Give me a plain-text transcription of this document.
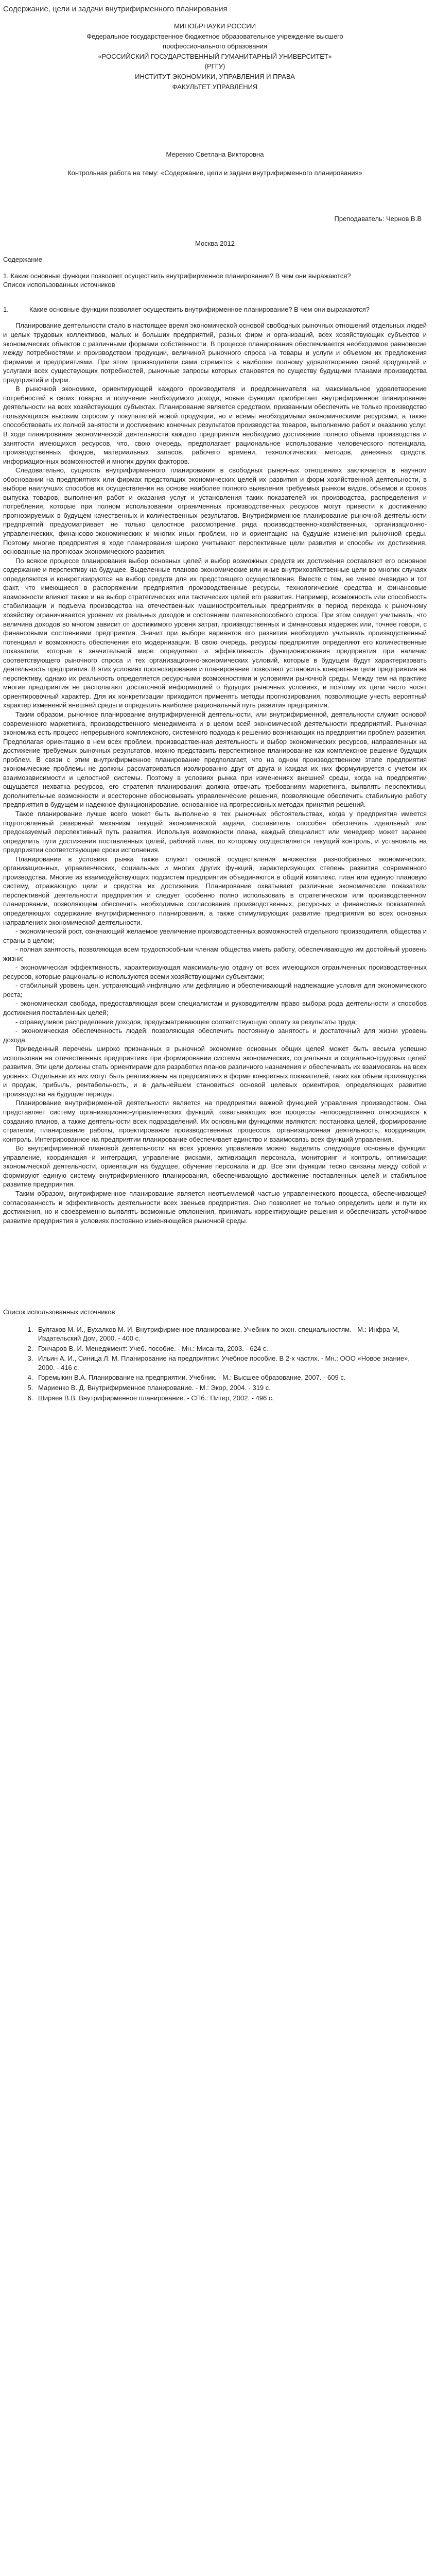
Содержание, цели и задачи внутрифирменного планирования
МИНОБРНАУКИ РОССИИ
Федеральное государственное бюджетное образовательное учреждение высшего
профессионального образования
«РОССИЙСКИЙ ГОСУДАРСТВЕННЫЙ ГУМАНИТАРНЫЙ УНИВЕРСИТЕТ»
(РГГУ)
ИНСТИТУТ ЭКОНОМИКИ, УПРАВЛЕНИЯ И ПРАВА
ФАКУЛЬТЕТ УПРАВЛЕНИЯ
Мережко Светлана Викторовна
Контрольная работа на тему: «Содержание, цели и задачи внутрифирменного планирования»
Преподаватель: Чернов В.В
Москва 2012
Содержание

1. Какие основные функции позволяет осуществить внутрифирменное планирование? В чем они выражаются?

Список использованных источников

1.	Какие основные функции позволяет осуществить внутрифирменное планирование? В чем они выражаются?

Планирование деятельности стало в настоящее время экономической основой свободных рыночных отношений отдельных людей и целых трудовых коллективов, малых и больших предприятий, разных фирм и организаций, всех хозяйствующих субъектов и экономических объектов с различными формами собственности. В процессе планирования обеспечивается необходимое равновесие между потребностями и производством продукции, величиной рыночного спроса на товары и услуги и объемом их предложения фирмами и предприятиями. При этом производители сами стремятся к наиболее полному удовлетворению своей продукцией и услугами всех существующих потребностей, рыночные запросы которых становятся по существу будущими планами производства предприятий и фирм.

В рыночной экономике, ориентирующей каждого производителя и предпринимателя на максимальное удовлетворение потребностей в своих товарах и получение необходимого дохода, новые функции приобретает внутрифирменное планирование деятельности на всех хозяйствующих субъектах. Планирование является средством, призванным обеспечить не только производство пользующихся высоким спросом у покупателей новой продукции, но и всемы необходимыми экономическими ресурсами, а также способствовать их полной занятости и достижению конечных результатов производства товаров, выполнению работ и оказанию услуг. В ходе планирования экономической деятельности каждого предприятия необходимо достижение полного объема производства и занятости имеющихся ресурсов, что, свою очередь, предполагает рациональное использование человеческого потенциала, производственных фондов, материальных запасов, рабочего времени, технологических методов, денежных средств, информационных возможностей и многих других факторов.

Следовательно, сущность внутрифирменного планирования в свободных рыночных отношениях заключается в научном обосновании на предприятиях или фирмах предстоящих экономических целей их развития и форм хозяйственной деятельности, в выборе наилучших способов их осуществления на основе наиболее полного выявления требуемых рынком видов, объемов и сроков выпуска товаров, выполнения работ и оказания услуг и установления таких показателей их производства, распределения и потребления, которые при полном использовании ограниченных производственных ресурсов могут привести к достижению прогнозируемых в будущем качественных и количественных результатов. Внутрифирменное планирование рыночной деятельности предприятий предусматривает не только целостное рассмотрение ряда производственно-хозяйственных, организационно-управленческих, финансово-экономических и многих иных проблем, но и ориентацию на будущие изменения рыночной среды. Поэтому многие предприятия в ходе планирования широко учитывают перспективные цели развития и способы их достижения, основанные на прогнозах экономического развития.

По всякое процессе планирования выбор основных целей и выбор возможных средств их достижения составляют его основное содержание и перспективу на будущее. Выделенные планово-экономические или иные внутрихозяйственные цели во многих случаях определяются и конкретизируются на выбор средств для их предстоящего осуществления. Вместе с тем, не менее очевидно и тот факт, что имеющиеся в распоряжении предприятия производственные ресурсы, технологические средства и финансовые возможности влияют также и на выбор стратегических или тактических целей его развития. Например, возможность или способность стабилизации и подъема производства на отечественных машиностроительных предприятиях в период перехода к рыночному хозяйству ограничивается уровнем их реальных доходов и состоянием платежеспособного спроса. При этом следует учитывать, что величина доходов во многом зависит от достижимого уровня затрат, производственных и финансовых издержек или, точнее говоря, с финансовыми состояниями предприятия. Значит при выборе вариантов его развития необходимо учитывать производственный потенциал и возможность обеспечения его модернизации. В свою очередь, ресурсы предприятия определяют его количественные показатели, которые в значительной мере определяют и эффективность функционирования предприятия при наличии соответствующего рыночного спроса и тех организационно-экономических условий, которые в будущем будут характеризовать деятельность предприятия. В этих условиях прогнозирование и планирование позволяют установить конкретные цели предприятия на перспективу, однако их реальность определяется ресурсными возможностями и условиями рыночной среды. Между тем на практике многие предприятия не располагают достаточной информацией о будущих рыночных условиях, и поэтому их цели часто носят ориентировочный характер. Для их конкретизации приходится применять методы прогнозирования, позволяющие учесть вероятный характер изменений внешней среды и определить наиболее рациональный путь развития предприятия.

Таким образом, рыночное планирование внутрифирменной деятельности, или внутрифирменной, деятельности служит основой современного маркетинга, производственного менеджмента и в целом всей экономической деятельности предприятий. Рыночная экономика есть процесс непрерывного комплексного, системного подхода к решению возникающих на предприятии проблем развития. Предполагая ориентацию в нем всех проблем, производственная деятельность и выбор экономических ресурсов, направленных на достижение требуемых рыночных результатов, можно представить перспективное планирование как комплексное решение будущих проблем. В связи с этим внутрифирменное планирование предполагает, что на одном производственном этапе предприятия экономические проблемы не должны рассматриваться изолированно друг от друга и каждая их них формулируется с учетом их взаимозависимости и целостной системы. Поэтому в условиях рынка при изменениях внешней среды, когда на предприятии ощущается нехватка ресурсов, его стратегия планирования должна отвечать требованиям маркетинга, выявлять перспективы, дополнительные возможности и всесторонне обосновывать управленческие решения, позволяющие обеспечить стабильную работу предприятия в будущем и надежное функционирование, основанное на прогрессивных методах принятия решений.

Такое планирование лучше всего может быть выполнено в тех рыночных обстоятельствах, когда у предприятия имеется подготовленный резервный механизм текущей экономической задачи, составитель способен обеспечить идеальный или предсказуемый перспективный путь развития. Используя возможности плана, каждый специалист или менеджер может заранее определить пути достижения поставленных целей, рабочий план, по которому осуществляется текущий контроль, и установить на предприятии соответствующие сроки исполнения.

Планирование в условиях рынка также служит основой осуществления множества разнообразных экономических, организационных, управленческих, социальных и многих других функций, характеризующих степень развития современного производства. Многие из взаимодействующих подсистем предприятия объединяются в общий комплекс, план или единую плановую систему, отражающую цели и средства их достижения. Планирование охватывает различные экономические показатели перспективной деятельности предприятия и следует особенно полно использовать в стратегическом или производственном планировании, позволяющем обеспечить необходимые согласования производственных, ресурсных и финансовых показателей, определяющих содержание внутрифирменного планирования, а также стимулирующих развитие предприятия во всех основных направлениях экономической деятельности.

- экономический рост, означающий желаемое увеличение производственных возможностей отдельного производителя, общества и страны в целом;

- полная занятость, позволяющая всем трудоспособным членам общества иметь работу, обеспечивающую им достойный уровень жизни;

- экономическая эффективность, характеризующая максимальную отдачу от всех имеющихся ограниченных производственных ресурсов, которые рационально используются всеми хозяйствующими субъектами;

- стабильный уровень цен, устраняющий инфляцию или дефляцию и обеспечивающий надлежащие условия для экономического роста;

- экономическая свобода, предоставляющая всем специалистам и руководителям право выбора рода деятельности и способов достижения поставленных целей;

- справедливое распределение доходов, предусматривающее соответствующую оплату за результаты труда;

- экономическая обеспеченность людей, позволяющая обеспечить постоянную занятость и достаточный для жизни уровень дохода.

Приведенный перечень широко признанных в рыночной экономике основных общих целей может быть весьма успешно использован на отечественных предприятиях при формировании системы экономических, социальных и социально-трудовых целей развития. Эти цели должны стать ориентирами для разработки планов различного назначения и обеспечивать их взаимосвязь на всех уровнях. Отдельные из них могут быть реализованы на предприятиях в форме конкретных показателей, таких как объем производства и продаж, прибыль, рентабельность, и в дальнейшем становиться основой целевых ориентиров, определяющих развитие производства на будущие периоды.

Планирование внутрифирменной деятельности является на предприятии важной функцией управления производством. Она представляет систему организационно-управленческих функций, охватывающих все процессы непосредственно относящихся к созданию планов, а также деятельности всех подразделений. Их основными функциями являются: постановка целей, формирование стратегии, планирование работы, проектирование производственных процессов, организационная деятельность, координация, контроль. Интегрированное на предприятии планирование обеспечивает единство и взаимосвязь всех функций управления.

Во внутрифирменной плановой деятельности на всех уровнях управления можно выделить следующие основные функции: управление, координация и интеграция, управление рисками, активизация персонала, мониторинг и контроль, оптимизация экономической деятельности, ориентация на будущее, обучение персонала и др. Все эти функции тесно связаны между собой и формируют единую систему внутрифирменного планирования, обеспечивающую достижение поставленных целей и стабильное развитие предприятия.

Таким образом, внутрифирменное планирование является неотъемлемой частью управленческого процесса, обеспечивающей согласованность и эффективность деятельности всех звеньев предприятия. Оно позволяет не только определить цели и пути их достижения, но и своевременно выявлять возможные отклонения, принимать корректирующие решения и обеспечивать устойчивое развитие предприятия в условиях постоянно изменяющейся рыночной среды.

Список использованных источников
1. Булгаков М. И., Бухалков М. И. Внутрифирменное планирование. Учебник по экон. специальностям. - М.: Инфра-М, Издательский Дом, 2000. - 400 с.
2. Гончаров В. И. Менеджмент: Учеб. пособие. - Мн.: Мисанта, 2003. - 624 с.
3. Ильин А. И., Синица Л. М. Планирование на предприятии: Учебное пособие. В 2-х частях. - Мн.: ООО «Новое знание», 2000. - 416 с.
4. Горемыкин В.А. Планирование на предприятии. Учебник. - М.: Высшее образование, 2007. - 609 с.
5. Мариенко В. Д. Внутрифирменное планирование. - М.: Экор, 2004. - 319 с.
6. Ширяев В.В. Внутрифирменное планирование. - СПб.: Питер, 2002. - 496 с.
